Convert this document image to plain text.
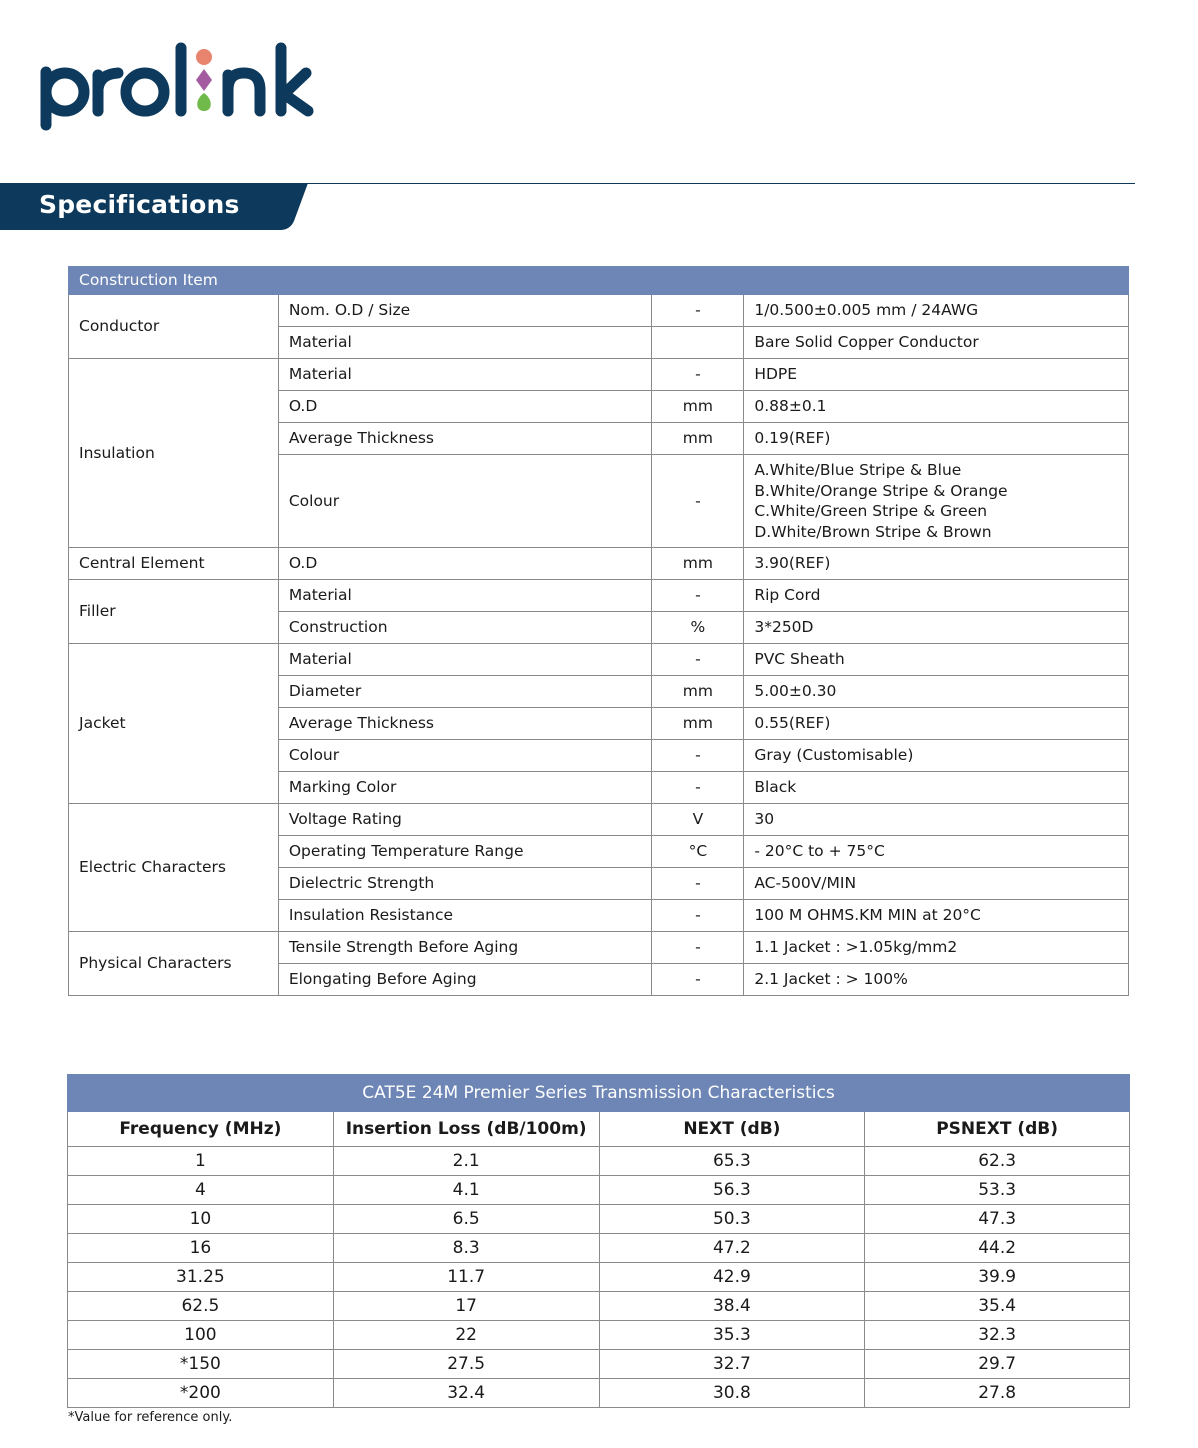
Specifications
Construction Item			
Conductor	Nom. O.D / Size	-	1/0.500±0.005 mm / 24AWG
	Material		Bare Solid Copper Conductor
Insulation	Material	-	HDPE
	O.D	mm	0.88±0.1
	Average Thickness	mm	0.19(REF)
	Colour	-	A.White/Blue Stripe & Blue
B.White/Orange Stripe & Orange
C.White/Green Stripe & Green
D.White/Brown Stripe & Brown

Central Element	O.D	mm	3.90(REF)
Filler	Material	-	Rip Cord
	Construction	%	3*250D
Jacket	Material	-	PVC Sheath
	Diameter	mm	5.00±0.30
	Average Thickness	mm	0.55(REF)
	Colour	-	Gray (Customisable)
	Marking Color	-	Black
Electric Characters	Voltage Rating	V	30
	Operating Temperature Range	°C	- 20°C to + 75°C
	Dielectric Strength	-	AC-500V/MIN
	Insulation Resistance	-	100 M OHMS.KM MIN at 20°C
Physical Characters	Tensile Strength Before Aging	-	1.1 Jacket : >1.05kg/mm2
	Elongating Before Aging	-	2.1 Jacket : > 100%
CAT5E 24M Premier Series Transmission Characteristics			
Frequency (MHz)	Insertion Loss (dB/100m)	NEXT (dB)	PSNEXT (dB)
1	2.1	65.3	62.3
4	4.1	56.3	53.3
10	6.5	50.3	47.3
16	8.3	47.2	44.2
31.25	11.7	42.9	39.9
62.5	17	38.4	35.4
100	22	35.3	32.3
*150	27.5	32.7	29.7
*200	32.4	30.8	27.8
*Value for reference only.
